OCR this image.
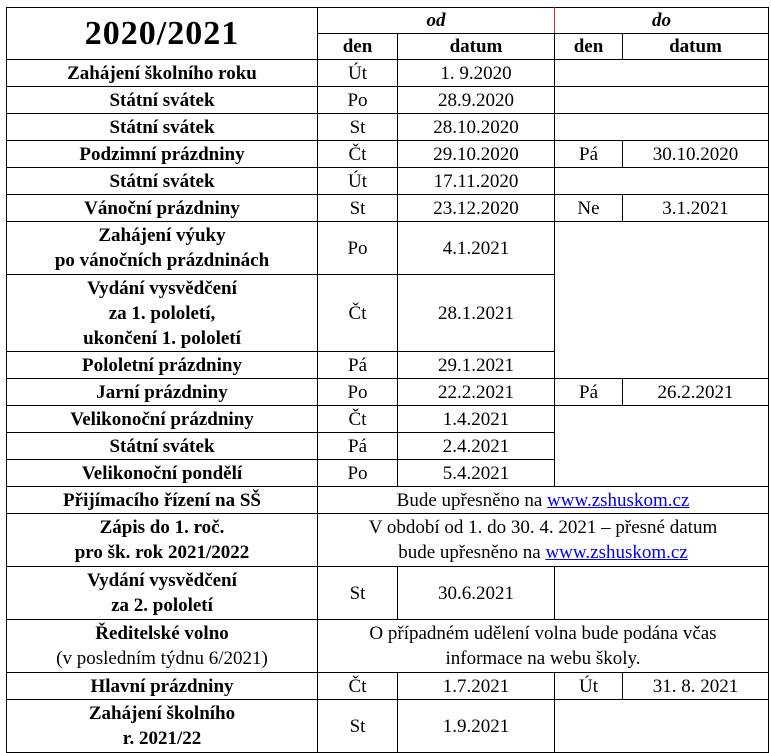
2020/2021	od		do	
	den	datum	den	datum

Zahájení školního roku	Út	1. 9.2020		

Státní svátek	Po	28.9.2020		

Státní svátek	St	28.10.2020		

Podzimní prázdniny	Čt	29.10.2020	Pá	30.10.2020

Státní svátek	Út	17.11.2020		

Vánoční prázdniny	St	23.12.2020	Ne	3.1.2021

Zahájení výuky
po vánočních prázdninách	Po	4.1.2021		

Vydání vysvědčení
za 1. pololetí,
ukončení 1. pololetí	Čt	28.1.2021		

Pololetní prázdniny	Pá	29.1.2021		

Jarní prázdniny	Po	22.2.2021	Pá	26.2.2021

Velikonoční prázdniny	Čt	1.4.2021		

Státní svátek	Pá	2.4.2021		

Velikonoční pondělí	Po	5.4.2021		

Přijímacího řízení na SŠ	Bude upřesněno na www.zshuskom.cz			

Zápis do 1. roč.
pro šk. rok 2021/2022	V období od 1. do 30. 4. 2021 – přesné datum
bude upřesněno na www.zshuskom.cz			

Vydání vysvědčení
za 2. pololetí	St	30.6.2021		

Ředitelské volno
(v posledním týdnu 6/2021)	O případném udělení volna bude podána včas
informace na webu školy.			

Hlavní prázdniny	Čt	1.7.2021	Út	31. 8. 2021

Zahájení školního
r. 2021/22	St	1.9.2021		
